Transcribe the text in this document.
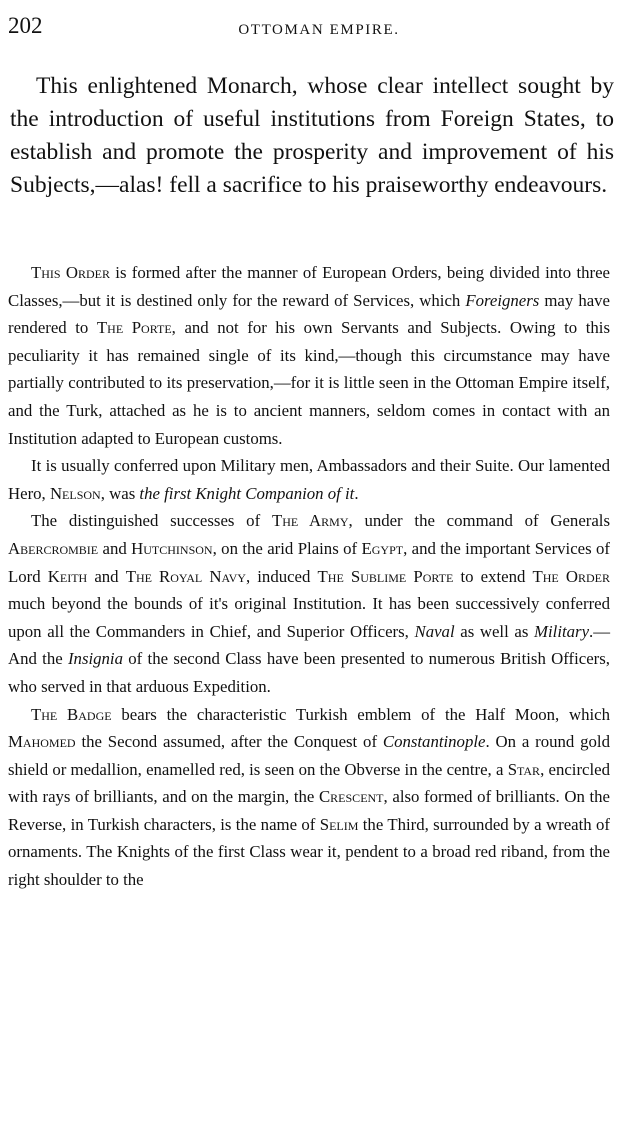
202	OTTOMAN EMPIRE.

This enlightened Monarch, whose clear intellect sought by the introduction of useful institutions from Foreign States, to establish and promote the prosperity and improvement of his Subjects,—alas! fell a sacrifice to his praiseworthy endeavours.

This Order is formed after the manner of European Orders, being divided into three Classes,—but it is destined only for the reward of Services, which Foreigners may have rendered to The Porte, and not for his own Servants and Subjects. Owing to this peculiarity it has remained single of its kind,—though this circumstance may have partially contributed to its preservation,—for it is little seen in the Ottoman Empire itself, and the Turk, attached as he is to ancient manners, seldom comes in contact with an Institution adapted to European customs.

It is usually conferred upon Military men, Ambassadors and their Suite. Our lamented Hero, Nelson, was the first Knight Companion of it.

The distinguished successes of The Army, under the command of Generals Abercrombie and Hutchinson, on the arid Plains of Egypt, and the important Services of Lord Keith and The Royal Navy, induced The Sublime Porte to extend The Order much beyond the bounds of it's original Institution. It has been successively conferred upon all the Commanders in Chief, and Superior Officers, Naval as well as Military.—And the Insignia of the second Class have been presented to numerous British Officers, who served in that arduous Expedition.

The Badge bears the characteristic Turkish emblem of the Half Moon, which Mahomed the Second assumed, after the Conquest of Constantinople. On a round gold shield or medallion, enamelled red, is seen on the Obverse in the centre, a Star, encircled with rays of brilliants, and on the margin, the Crescent, also formed of brilliants. On the Reverse, in Turkish characters, is the name of Selim the Third, surrounded by a wreath of ornaments. The Knights of the first Class wear it, pendent to a broad red riband, from the right shoulder to the
